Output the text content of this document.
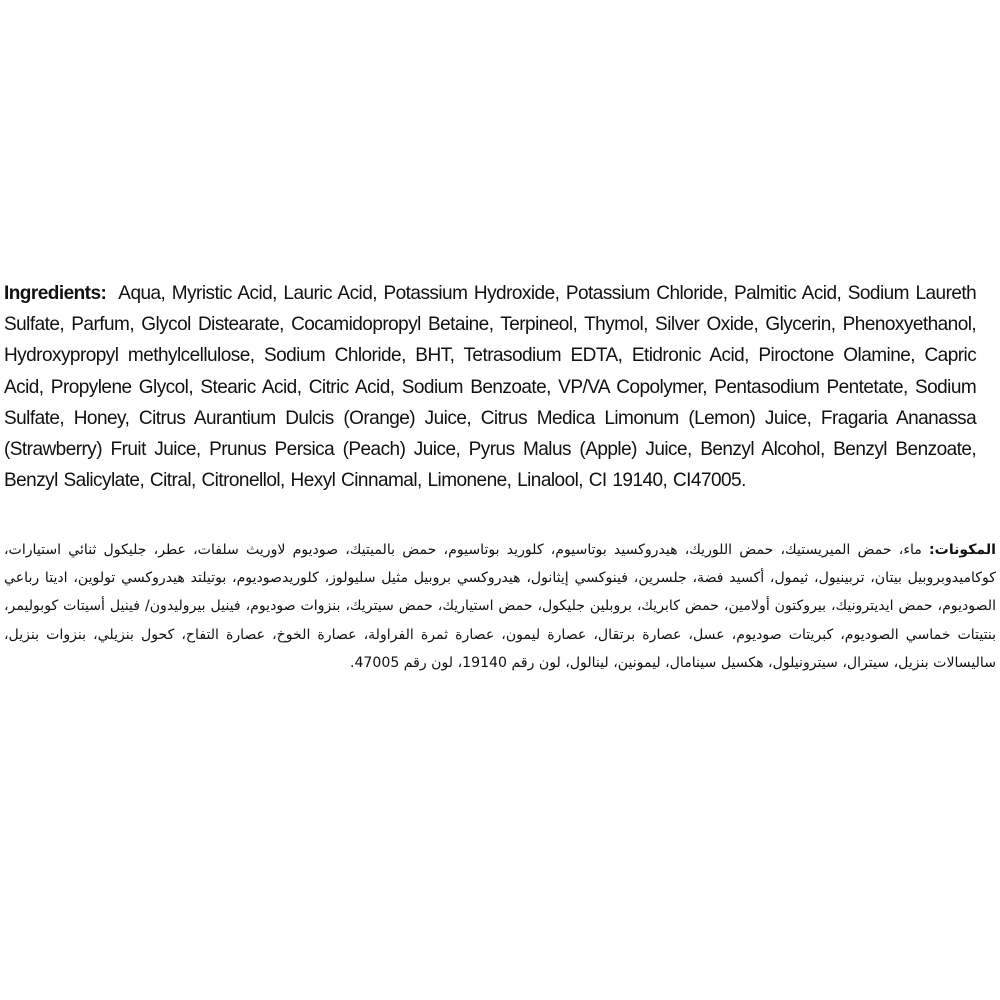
Ingredients: Aqua, Myristic Acid, Lauric Acid, Potassium Hydroxide, Potassium Chloride, Palmitic Acid, Sodium Laureth Sulfate, Parfum, Glycol Distearate, Cocamidopropyl Betaine, Terpineol, Thymol, Silver Oxide, Glycerin, Phenoxyethanol, Hydroxypropyl methylcellulose, Sodium Chloride, BHT, Tetrasodium EDTA, Etidronic Acid, Piroctone Olamine, Capric Acid, Propylene Glycol, Stearic Acid, Citric Acid, Sodium Benzoate, VP/VA Copolymer, Pentasodium Pentetate, Sodium Sulfate, Honey, Citrus Aurantium Dulcis (Orange) Juice, Citrus Medica Limonum (Lemon) Juice, Fragaria Ananassa (Strawberry) Fruit Juice, Prunus Persica (Peach) Juice, Pyrus Malus (Apple) Juice, Benzyl Alcohol, Benzyl Benzoate, Benzyl Salicylate, Citral, Citronellol, Hexyl Cinnamal, Limonene, Linalool, CI 19140, CI47005.
المكونات: ماء، حمض الميريستيك، حمض اللوريك، هيدروكسيد بوتاسيوم، كلوريد بوتاسيوم، حمض بالميتيك، صوديوم لاوريث سلفات، عطر، جليكول ثنائي استيارات، كوكاميدوبروبيل بيتان، تربينيول، ثيمول، أكسيد فضة، جلسرين، فينوكسي إيثانول، هيدروكسي بروبيل مثيل سليولوز، كلوريدصوديوم، بوتيلتد هيدروكسي تولوين، اديتا رباعي الصوديوم، حمض ايديترونيك، بيروكتون أولامين، حمض كابريك، بروبلين جليكول، حمض استياريك، حمض سيتريك، بنزوات صوديوم، فينيل بيروليدون/ فينيل أسيتات كوبوليمر، بنتيتات خماسي الصوديوم، كبريتات صوديوم، عسل، عصارة برتقال، عصارة ليمون، عصارة ثمرة الفراولة، عصارة الخوخ، عصارة التفاح، كحول بنزيلي، بنزوات بنزيل، ساليسالات بنزيل، سيترال، سيترونيلول، هكسيل سينامال، ليمونين، لينالول، لون رقم 19140، لون رقم 47005.
